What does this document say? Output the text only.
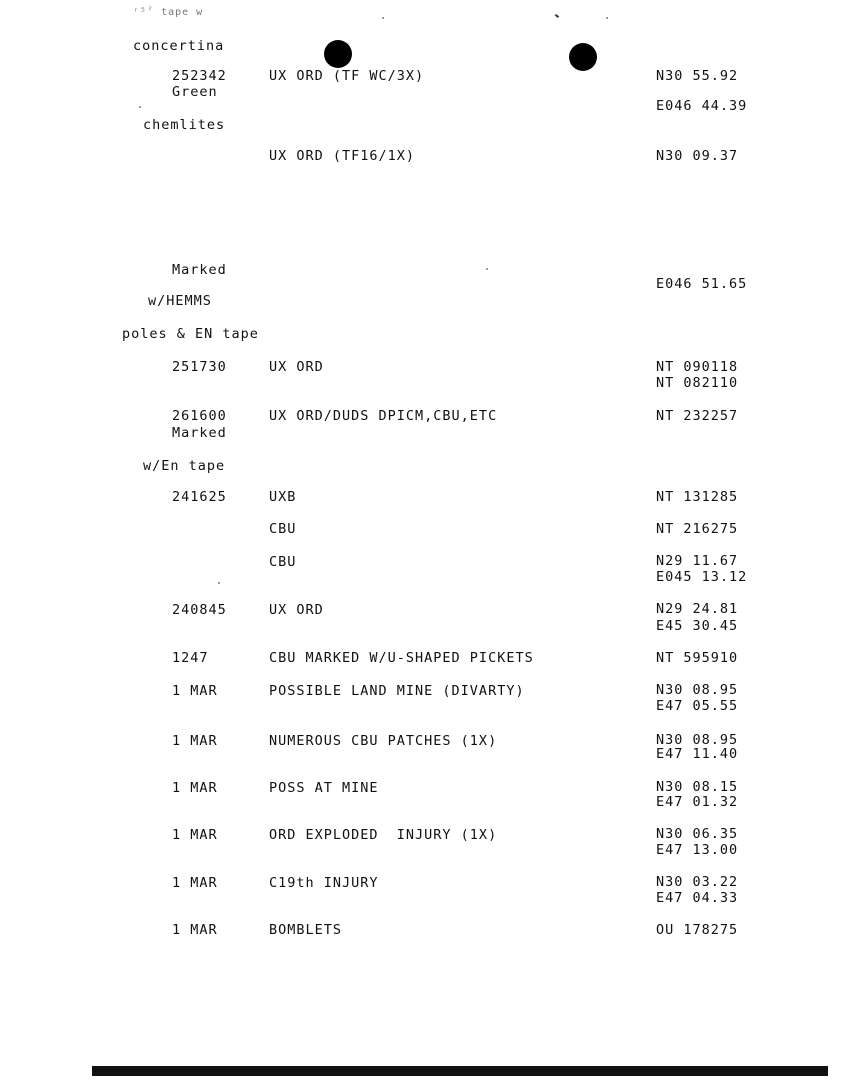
ʳ⁵ˀ tape w
concertina
252342
Green
chemlites
Marked
w/HEMMS
poles & EN tape
251730
261600
Marked
w/En tape
241625
240845
1247
1 MAR
1 MAR
1 MAR
1 MAR
1 MAR
1 MAR
UX ORD (TF WC/3X)
UX ORD (TF16/1X)
UX ORD
UX ORD/DUDS DPICM,CBU,ETC
UXB
CBU
CBU
UX ORD
CBU MARKED W/U-SHAPED PICKETS
POSSIBLE LAND MINE (DIVARTY)
NUMEROUS CBU PATCHES (1X)
POSS AT MINE
ORD EXPLODED  INJURY (1X)
C19th INJURY
BOMBLETS
N30 55.92
E046 44.39
N30 09.37
E046 51.65
NT 090118
NT 082110
NT 232257
NT 131285
NT 216275
N29 11.67
E045 13.12
N29 24.81
E45 30.45
NT 595910
N30 08.95
E47 05.55
N30 08.95
E47 11.40
N30 08.15
E47 01.32
N30 06.35
E47 13.00
N30 03.22
E47 04.33
OU 178275
